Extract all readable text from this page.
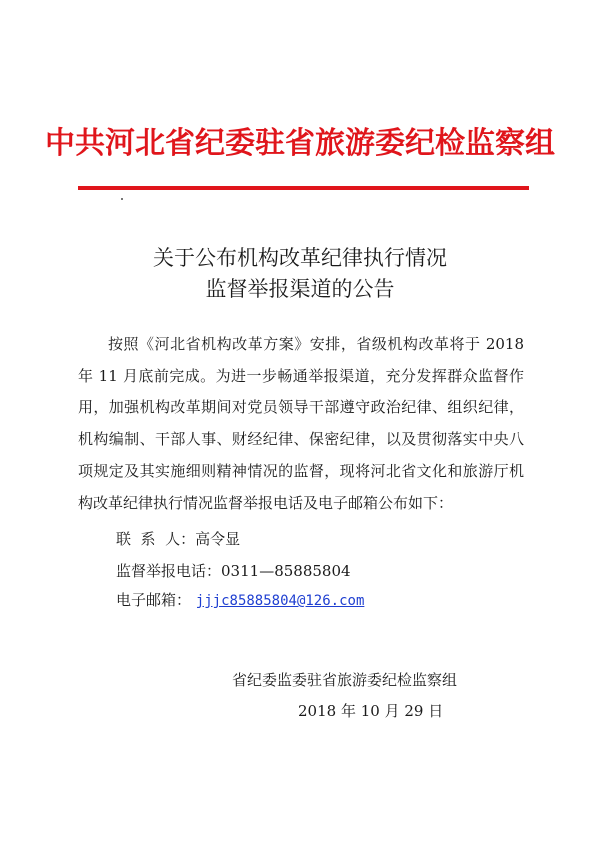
中共河北省纪委驻省旅游委纪检监察组
关于公布机构改革纪律执行情况
监督举报渠道的公告
按照《河北省机构改革方案》安排，省级机构改革将于 2018 年 11 月底前完成。为进一步畅通举报渠道，充分发挥群众监督作用，加强机构改革期间对党员领导干部遵守政治纪律、组织纪律，机构编制、干部人事、财经纪律、保密纪律，以及贯彻落实中央八项规定及其实施细则精神情况的监督，现将河北省文化和旅游厅机构改革纪律执行情况监督举报电话及电子邮箱公布如下：
联  系  人：高令显
监督举报电话：0311—85885804
电子邮箱： jjjc85885804@126.com
省纪委监委驻省旅游委纪检监察组
2018 年 10 月 29 日
